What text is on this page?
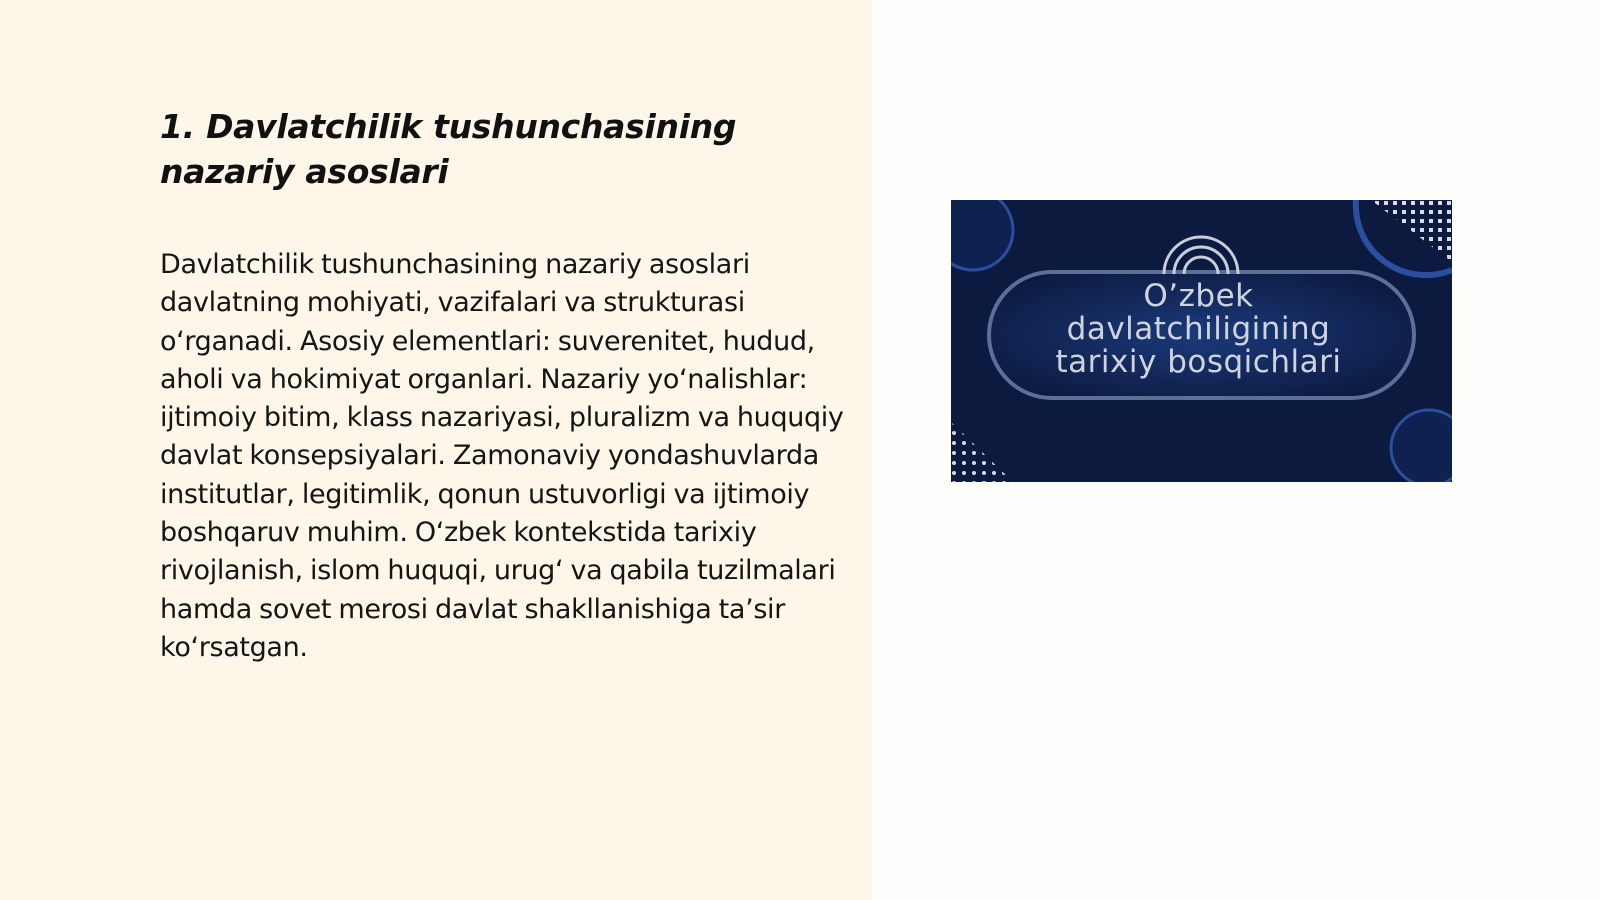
1. Davlatchilik tushunchasining nazariy asoslari

Davlatchilik tushunchasining nazariy asoslari davlatning mohiyati, vazifalari va strukturasi o‘rganadi. Asosiy elementlari: suverenitet, hudud, aholi va hokimiyat organlari. Nazariy yo‘nalishlar: ijtimoiy bitim, klass nazariyasi, pluralizm va huquqiy davlat konsepsiyalari. Zamonaviy yondashuvlarda institutlar, legitimlik, qonun ustuvorligi va ijtimoiy boshqaruv muhim. O‘zbek kontekstida tarixiy rivojlanish, islom huquqi, urug‘ va qabila tuzilmalari hamda sovet merosi davlat shakllanishiga ta’sir ko‘rsatgan.

O’zbek
davlatchiligining
tarixiy bosqichlari
